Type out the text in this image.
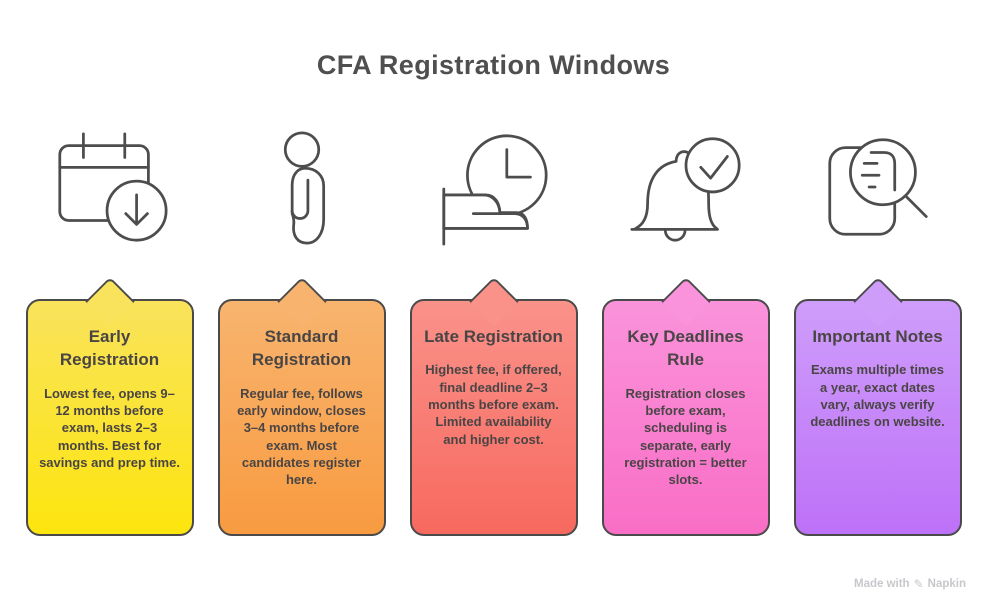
CFA Registration Windows
Early Registration

Lowest fee, opens 9–12 months before exam, lasts 2–3 months. Best for savings and prep time.

Standard Registration

Regular fee, follows early window, closes 3–4 months before exam. Most candidates register here.

Late Registration

Highest fee, if offered, final deadline 2–3 months before exam. Limited availability and higher cost.

Key Deadlines Rule

Registration closes before exam, scheduling is separate, early registration = better slots.

Important Notes

Exams multiple times a year, exact dates vary, always verify deadlines on website.

Made with ✎ Napkin
